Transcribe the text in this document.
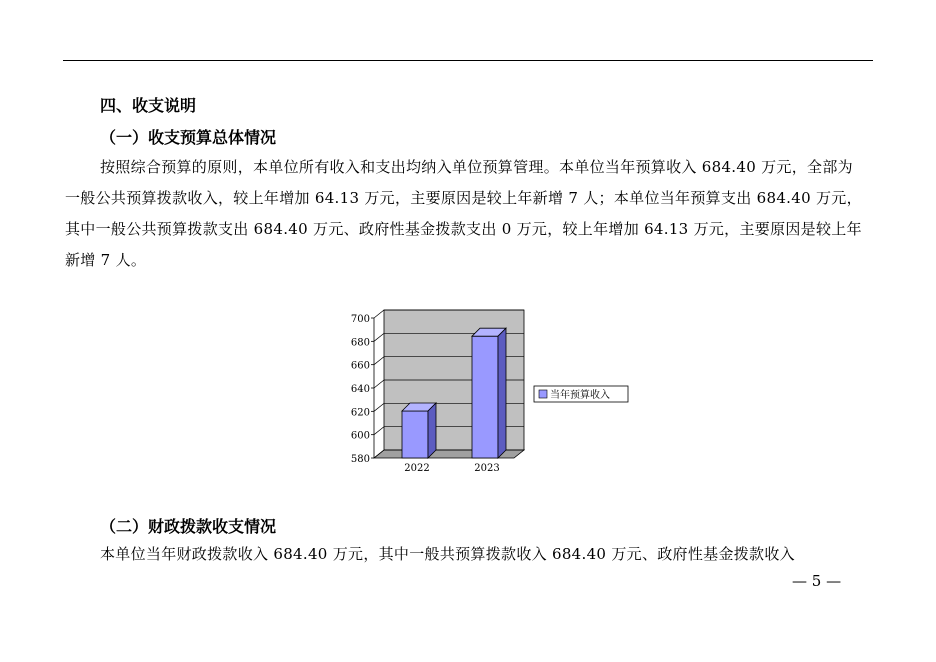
四、收支说明
（一）收支预算总体情况

按照综合预算的原则，本单位所有收入和支出均纳入单位预算管理。本单位当年预算收入 684.40 万元，全部为一般公共预算拨款收入，较上年增加 64.13 万元，主要原因是较上年新增 7 人；本单位当年预算支出 684.40 万元，其中一般公共预算拨款支出 684.40 万元、政府性基金拨款支出 0 万元，较上年增加 64.13 万元，主要原因是较上年新增 7 人。

580
600
620
640
660
680
700
2022	2023
当年预算收入
（二）财政拨款收支情况

本单位当年财政拨款收入 684.40 万元，其中一般共预算拨款收入 684.40 万元、政府性基金拨款收入

— 5 —
